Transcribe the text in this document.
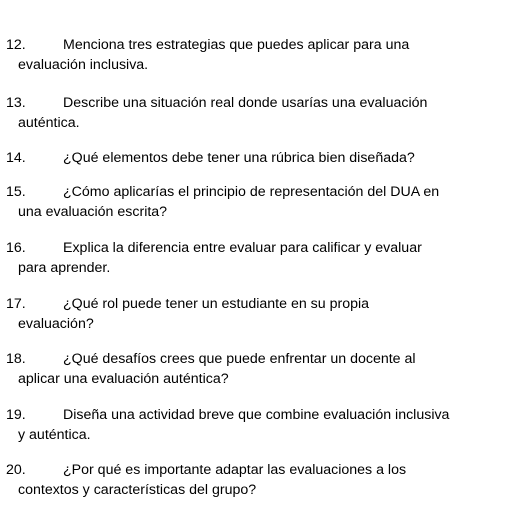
12.	Menciona tres estrategias que puedes aplicar para una
evaluación inclusiva.
13.	Describe una situación real donde usarías una evaluación
auténtica.
14.	¿Qué elementos debe tener una rúbrica bien diseñada?
15.	¿Cómo aplicarías el principio de representación del DUA en
una evaluación escrita?
16.	Explica la diferencia entre evaluar para calificar y evaluar
para aprender.
17.	¿Qué rol puede tener un estudiante en su propia
evaluación?
18.	¿Qué desafíos crees que puede enfrentar un docente al
aplicar una evaluación auténtica?
19.	Diseña una actividad breve que combine evaluación inclusiva
y auténtica.
20.	¿Por qué es importante adaptar las evaluaciones a los
contextos y características del grupo?
